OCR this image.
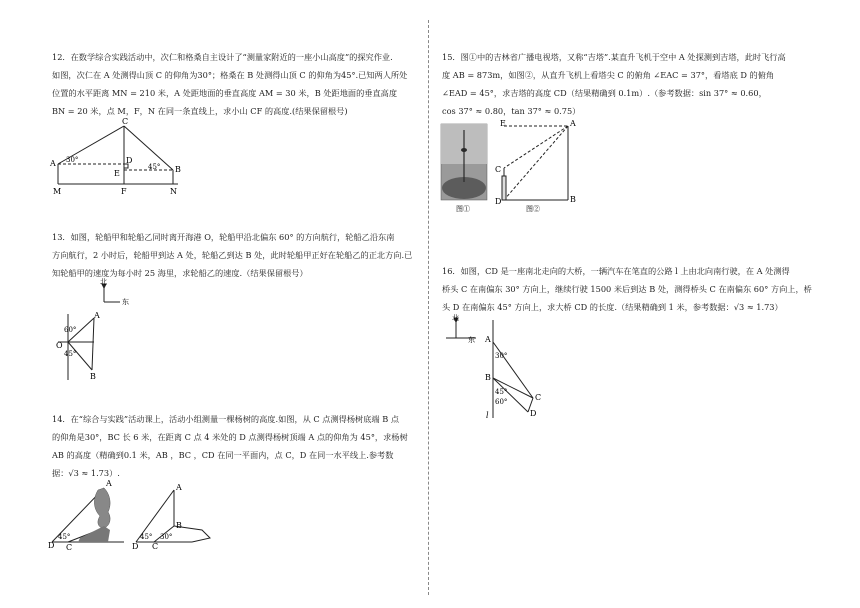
12．在数学综合实践活动中，次仁和格桑自主设计了“测量家附近的一座小山高度”的探究作业.

如图，次仁在 A 处测得山顶 C 的仰角为30°；格桑在 B 处测得山顶 C 的仰角为45°.已知两人所处

位置的水平距离 MN = 210 米，A 处距地面的垂直高度 AM = 30 米，B 处距地面的垂直高度

BN = 20 米，点 M，F，N 在同一条直线上，求小山 CF 的高度.(结果保留根号)

C
A
B
D
E
F
M	N
30°
45°

13．如图，轮船甲和轮船乙同时离开海港 O，轮船甲沿北偏东 60° 的方向航行，轮船乙沿东南

方向航行，2 小时后，轮船甲到达 A 处，轮船乙到达 B 处，此时轮船甲正好在轮船乙的正北方向.已

知轮船甲的速度为每小时 25 海里，求轮船乙的速度.（结果保留根号）

北
东
O
A
B
60°
45°

14．在“综合与实践”活动课上，活动小组测量一棵杨树的高度.如图，从 C 点测得杨树底端 B 点

的仰角是30°，BC 长 6 米，在距离 C 点 4 米处的 D 点测得杨树顶端 A 点的仰角为 45°，求杨树

AB 的高度（精确到0.1 米，AB ，BC ，CD 在同一平面内，点 C，D 在同一水平线上.参考数

据：√3 ≈ 1.73）.

D C
A
45°
A
B
D C
45° 30°

15．图①中的吉林省广播电视塔，又称“吉塔”.某直升飞机于空中 A 处探测到吉塔，此时飞行高

度 AB = 873m，如图②，从直升飞机上看塔尖 C 的俯角 ∠EAC = 37°，看塔底 D 的俯角

∠EAD = 45°，求吉塔的高度 CD（结果精确到 0.1m）.（参考数据：sin 37° ≈ 0.60，

cos 37° ≈ 0.80，tan 37° ≈ 0.75）

图①
E	A
B
C
D
图②

16．如图，CD 是一座南北走向的大桥，一辆汽车在笔直的公路 l 上由北向南行驶，在 A 处测得

桥头 C 在南偏东 30° 方向上，继续行驶 1500 米后到达 B 处，测得桥头 C 在南偏东 60° 方向上，桥

头 D 在南偏东 45° 方向上，求大桥 CD 的长度.（结果精确到 1 米，参考数据：√3 ≈ 1.73）

北
东 A
B
C
D
l
30°
45°
60°
